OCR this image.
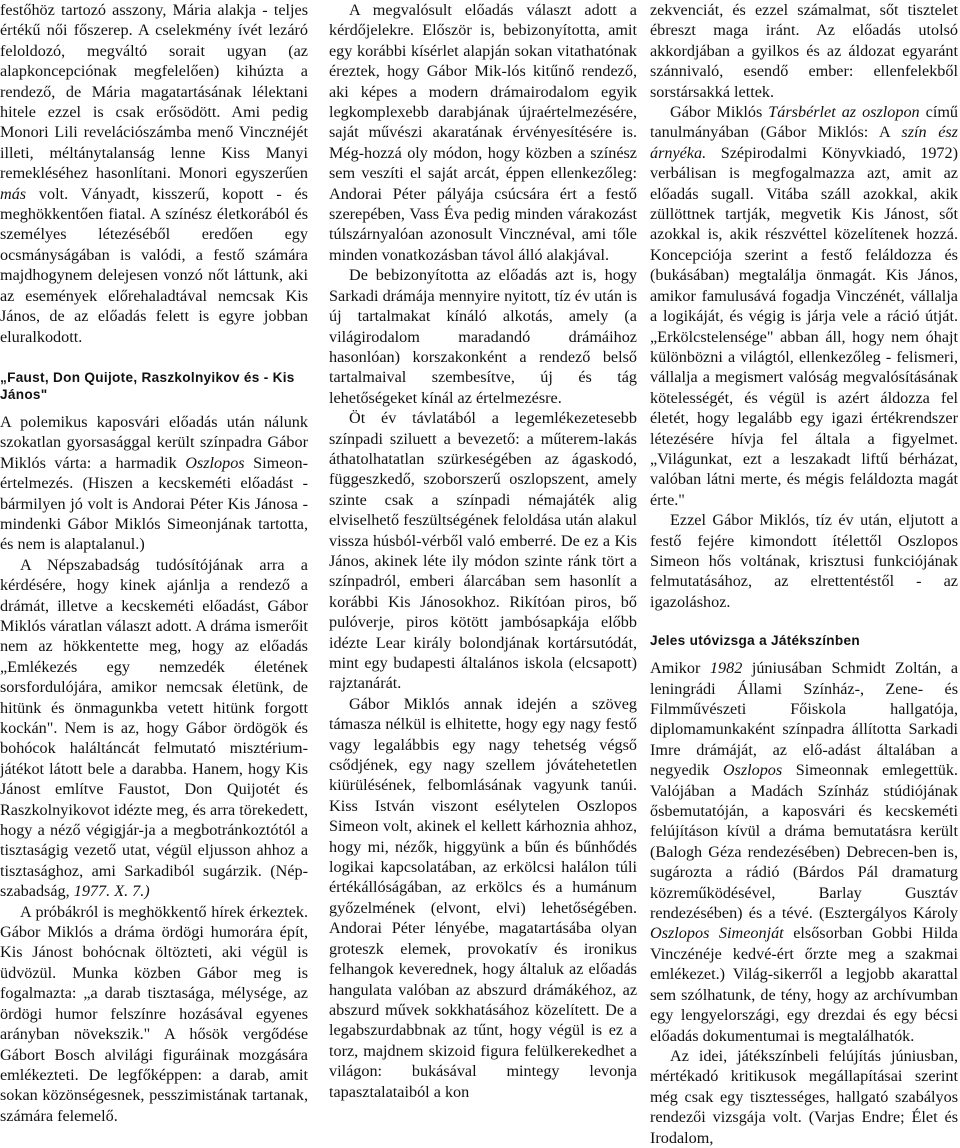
festőhöz tartozó asszony, Mária alakja - teljes értékű női főszerep. A cselekmény ívét lezáró feloldozó, megváltó sorait ugyan (az alapkoncepciónak megfelelően) kihúzta a rendező, de Mária magatartásának lélektani hitele ezzel is csak erősödött. Ami pedig Monori Lili revelációszámba menő Vincznéjét illeti, méltánytalanság lenne Kiss Manyi remekléséhez hasonlítani. Monori egyszerűen más volt. Ványadt, kisszerű, kopott - és meghökkentően fiatal. A színész életkorából és személyes létezéséből eredően egy ocsmányságában is valódi, a festő számára majdhogynem delejesen vonzó nőt láttunk, aki az események előrehaladtával nemcsak Kis János, de az előadás felett is egyre jobban eluralkodott.

„Faust, Don Quijote, Raszkolnyikov és - Kis János"

A polemikus kaposvári előadás után nálunk szokatlan gyorsasággal került színpadra Gábor Miklós várta: a harmadik Oszlopos Simeon-értelmezés. (Hiszen a kecskeméti előadást - bármilyen jó volt is Andorai Péter Kis Jánosa - mindenki Gábor Miklós Simeonjának tartotta, és nem is alaptalanul.)

A Népszabadság tudósítójának arra a kérdésére, hogy kinek ajánlja a rendező a drámát, illetve a kecskeméti előadást, Gábor Miklós váratlan választ adott. A dráma ismerőit nem az hökkentette meg, hogy az előadás „Emlékezés egy nemzedék életének sorsfordulójára, amikor nemcsak életünk, de hitünk és önmagunkba vetett hitünk forgott kockán". Nem is az, hogy Gábor ördögök és bohócok haláltáncát felmutató misztérium-játékot látott bele a darabba. Hanem, hogy Kis Jánost említve Faustot, Don Quijotét és Raszkolnyikovot idézte meg, és arra törekedett, hogy a néző végigjár-ja a megbotránkoztótól a tisztaságig vezető utat, végül eljusson ahhoz a tisztasághoz, ami Sarkadiból sugárzik. (Nép-szabadság, 1977. X. 7.)

A próbákról is meghökkentő hírek érkeztek. Gábor Miklós a dráma ördögi humorára épít, Kis Jánost bohócnak öltözteti, aki végül is üdvözül. Munka közben Gábor meg is fogalmazta: „a darab tisztasága, mélysége, az ördögi humor felszínre hozásával egyenes arányban növekszik." A hősök vergődése Gábort Bosch alvilági figuráinak mozgására emlékezteti. De legfőképpen: a darab, amit sokan közönségesnek, pesszimistának tartanak, számára felemelő.

A megvalósult előadás választ adott a kérdőjelekre. Először is, bebizonyította, amit egy korábbi kísérlet alapján sokan vitathatónak éreztek, hogy Gábor Mik-lós kitűnő rendező, aki képes a modern drámairodalom egyik legkomplexebb darabjának újraértelmezésére, saját művészi akaratának érvényesítésére is. Még-hozzá oly módon, hogy közben a színész sem veszíti el saját arcát, éppen ellenkezőleg: Andorai Péter pályája csúcsára ért a festő szerepében, Vass Éva pedig minden várakozást túlszárnyalóan azonosult Vincznéval, ami tőle minden vonatkozásban távol álló alakjával.

De bebizonyította az előadás azt is, hogy Sarkadi drámája mennyire nyitott, tíz év után is új tartalmakat kínáló alkotás, amely (a világirodalom maradandó drámáihoz hasonlóan) korszakonként a rendező belső tartalmaival szembesítve, új és tág lehetőségeket kínál az értelmezésre.

Öt év távlatából a legemlékezetesebb színpadi sziluett a bevezető: a műterem-lakás áthatolhatatlan szürkeségében az ágaskodó, függeszkedő, szoborszerű oszlopszent, amely szinte csak a színpadi némajáték alig elviselhető feszültségének feloldása után alakul vissza húsból-vérből való emberré. De ez a Kis János, akinek léte ily módon szinte ránk tört a színpadról, emberi álarcában sem hasonlít a korábbi Kis Jánosokhoz. Rikítóan piros, bő pulóverje, piros kötött jambósapkája előbb idézte Lear király bolondjának kortársutódát, mint egy budapesti általános iskola (elcsapott) rajztanárát.

Gábor Miklós annak idején a szöveg támasza nélkül is elhitette, hogy egy nagy festő vagy legalábbis egy nagy tehetség végső csődjének, egy nagy szellem jóvátehetetlen kiürülésének, felbomlásának vagyunk tanúi. Kiss István viszont esélytelen Oszlopos Simeon volt, akinek el kellett kárhoznia ahhoz, hogy mi, nézők, higgyünk a bűn és bűnhődés logikai kapcsolatában, az erkölcsi halálon túli értékállóságában, az erkölcs és a humánum győzelmének (elvont, elvi) lehetőségében. Andorai Péter lényébe, magatartásába olyan groteszk elemek, provokatív és ironikus felhangok keverednek, hogy általuk az előadás hangulata valóban az abszurd drámákéhoz, az abszurd művek sokkhatásához közelített. De a legabszurdabbnak az tűnt, hogy végül is ez a torz, majdnem skizoid figura felülkerekedhet a világon: bukásával mintegy levonja tapasztalataiból a kon

zekvenciát, és ezzel számalmat, sőt tisztelet ébreszt maga iránt. Az előadás utolsó akkordjában a gyilkos és az áldozat egyaránt szánnivaló, esendő ember: ellenfelekből sorstársakká lettek.

Gábor Miklós Társbérlet az oszlopon című tanulmányában (Gábor Miklós: A szín ész árnyéka. Szépirodalmi Könyvkiadó, 1972) verbálisan is megfogalmazza azt, amit az előadás sugall. Vitába száll azokkal, akik züllöttnek tartják, megvetik Kis Jánost, sőt azokkal is, akik részvéttel közelítenek hozzá. Koncepciója szerint a festő feláldozza és (bukásában) megtalálja önmagát. Kis János, amikor famulusává fogadja Vinczénét, vállalja a logikáját, és végig is járja vele a ráció útját. „Erkölcstelensége" abban áll, hogy nem óhajt különbözni a világtól, ellenkezőleg - felismeri, vállalja a megismert valóság megvalósításának kötelességét, és végül is azért áldozza fel életét, hogy legalább egy igazi értékrendszer létezésére hívja fel általa a figyelmet. „Világunkat, ezt a leszakadt liftű bérházat, valóban látni merte, és mégis feláldozta magát érte."

Ezzel Gábor Miklós, tíz év után, eljutott a festő fejére kimondott ítélettől Oszlopos Simeon hős voltának, krisztusi funkciójának felmutatásához, az elrettentéstől - az igazoláshoz.

Jeles utóvizsga a Játékszínben

Amikor 1982 júniusában Schmidt Zoltán, a leningrádi Állami Színház-, Zene- és Filmművészeti Főiskola hallgatója, diplomamunkaként színpadra állította Sarkadi Imre drámáját, az elő-adást általában a negyedik Oszlopos Simeonnak emlegettük. Valójában a Madách Színház stúdiójának ősbemutatóján, a kaposvári és kecskeméti felújításon kívül a dráma bemutatásra került (Balogh Géza rendezésében) Debrecen-ben is, sugározta a rádió (Bárdos Pál dramaturg közreműködésével, Barlay Gusztáv rendezésében) és a tévé. (Esztergályos Károly Oszlopos Simeonját elsősorban Gobbi Hilda Vinczénéje kedvé-ért őrzte meg a szakmai emlékezet.) Világ-sikerről a legjobb akarattal sem szólhatunk, de tény, hogy az archívumban egy lengyelországi, egy drezdai és egy bécsi előadás dokumentumai is megtalálhatók.

Az idei, játékszínbeli felújítás júniusban, mértékadó kritikusok megállapításai szerint még csak egy tisztességes, hallgató szabályos rendezői vizsgája volt. (Varjas Endre; Élet és Irodalom,
